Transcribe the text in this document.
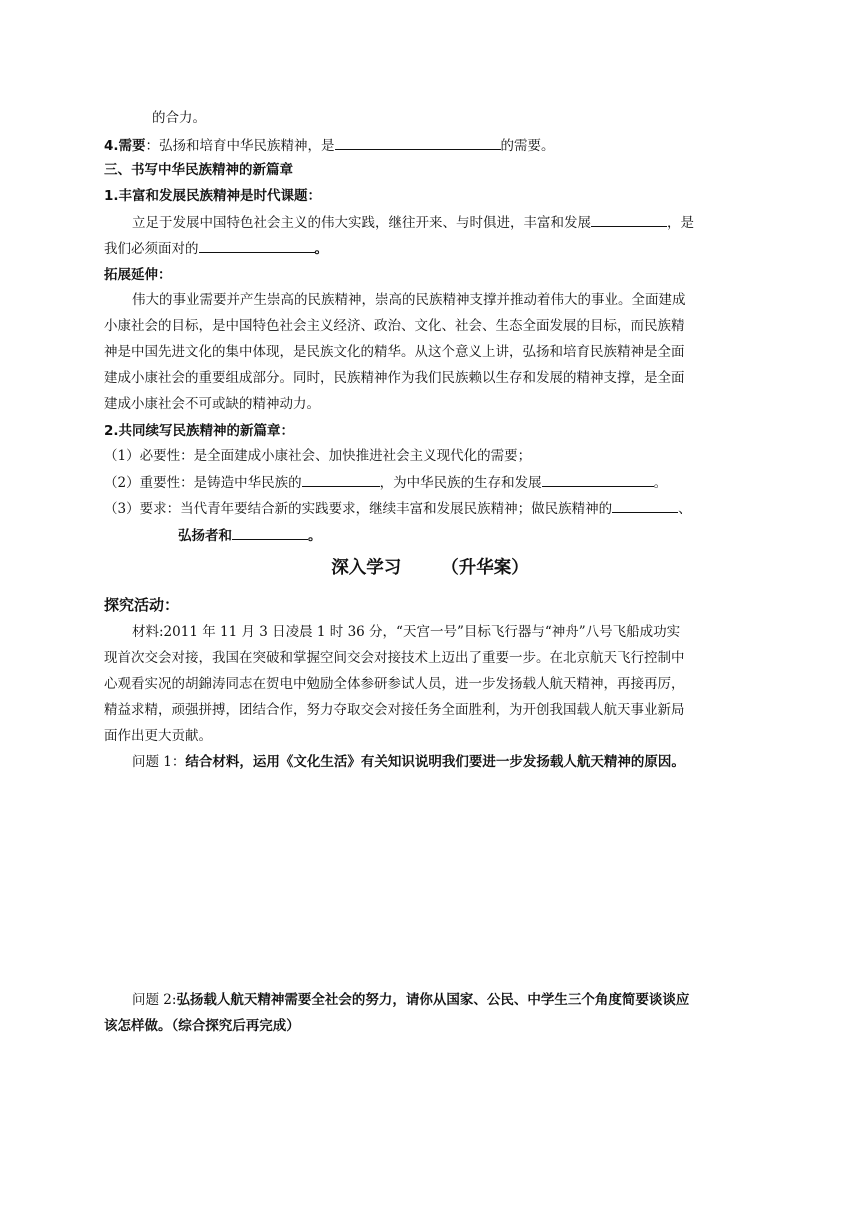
的合力。
4.需要：弘扬和培育中华民族精神，是	的需要。
三、书写中华民族精神的新篇章
1.丰富和发展民族精神是时代课题：
立足于发展中国特色社会主义的伟大实践，继往开来、与时俱进，丰富和发展	，是
我们必须面对的	。
拓展延伸：
伟大的事业需要并产生崇高的民族精神，崇高的民族精神支撑并推动着伟大的事业。全面建成
小康社会的目标，是中国特色社会主义经济、政治、文化、社会、生态全面发展的目标，而民族精
神是中国先进文化的集中体现，是民族文化的精华。从这个意义上讲，弘扬和培育民族精神是全面
建成小康社会的重要组成部分。同时，民族精神作为我们民族赖以生存和发展的精神支撑，是全面
建成小康社会不可或缺的精神动力。
2.共同续写民族精神的新篇章：
（1）必要性：是全面建成小康社会、加快推进社会主义现代化的需要；
（2）重要性：是铸造中华民族的	，为中华民族的生存和发展	。
（3）要求：当代青年要结合新的实践要求，继续丰富和发展民族精神；做民族精神的	、
弘扬者和	。
深入学习 （升华案）
探究活动：
材料:2011 年 11 月 3 日凌晨 1 时 36 分，“天宫一号”目标飞行器与“神舟”八号飞船成功实
现首次交会对接，我国在突破和掌握空间交会对接技术上迈出了重要一步。在北京航天飞行控制中
心观看实况的胡錦涛同志在贺电中勉励全体参研参试人员，进一步发扬载人航天精神，再接再厉，
精益求精，顽强拼搏，团结合作，努力夺取交会对接任务全面胜利，为开创我国载人航天事业新局
面作出更大贡献。
问题 1：结合材料，运用《文化生活》有关知识说明我们要进一步发扬载人航天精神的原因。
问题 2:弘扬载人航天精神需要全社会的努力，请你从国家、公民、中学生三个角度简要谈谈应
该怎样做。（综合探究后再完成）
